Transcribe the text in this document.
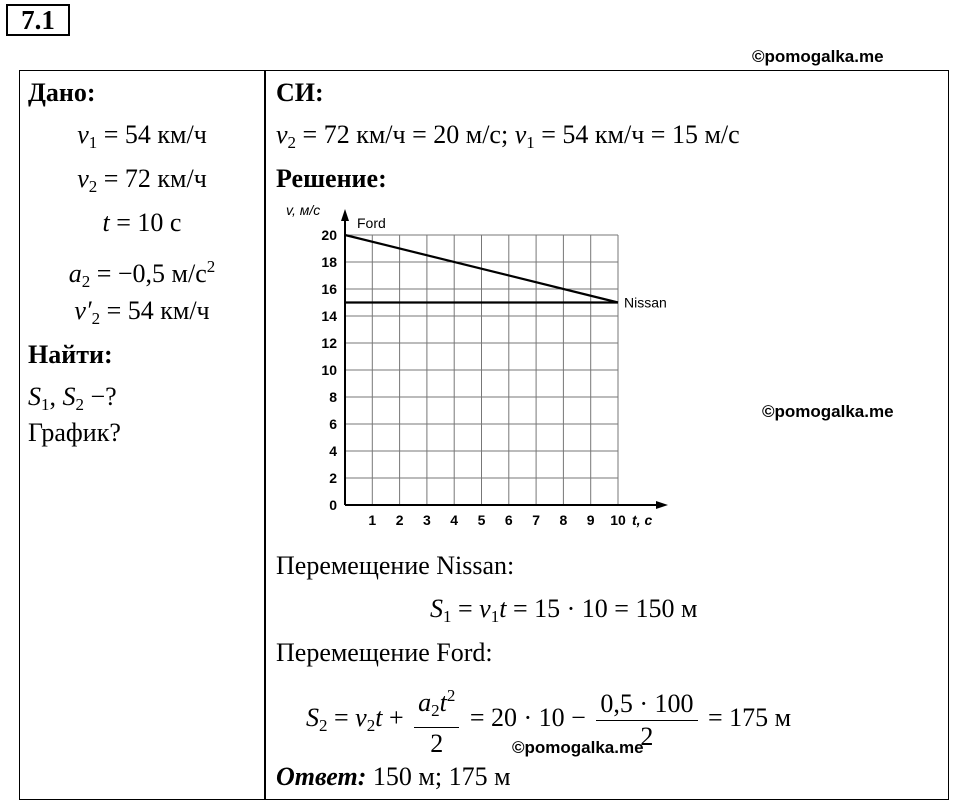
7.1
©pomogalka.me
Дано:
$v_1 = 54$ км/ч
$v_2 = 72$ км/ч
t = 10 с
$a_2 = -0,5$ $м/с^2$
$v'_2 = 54$ км/ч
Найти:
$S_1$, $S_2$ −?
График?
СИ:
$v_2 = 72$ км/ч = 20 м/с; $v_1 = 54$ км/ч = 15 м/с
Решение:
0
2
4
6
8
10
12
14
16
18
20
1 2 3 4 5 6 7 8 9 10
v, м/с
t, с
Ford
Nissan
©pomogalka.me
Перемещение Nissan:
$S_1 = v_1t = 15 \cdot 10 = 150$ м
Перемещение Ford:
$S_2 = v_2t + \frac{a_2t^2}{2} = 20 \cdot 10 - \frac{0,5 \cdot 100}{2} = 175$ м
©pomogalka.me
Ответ: 150 м; 175 м
